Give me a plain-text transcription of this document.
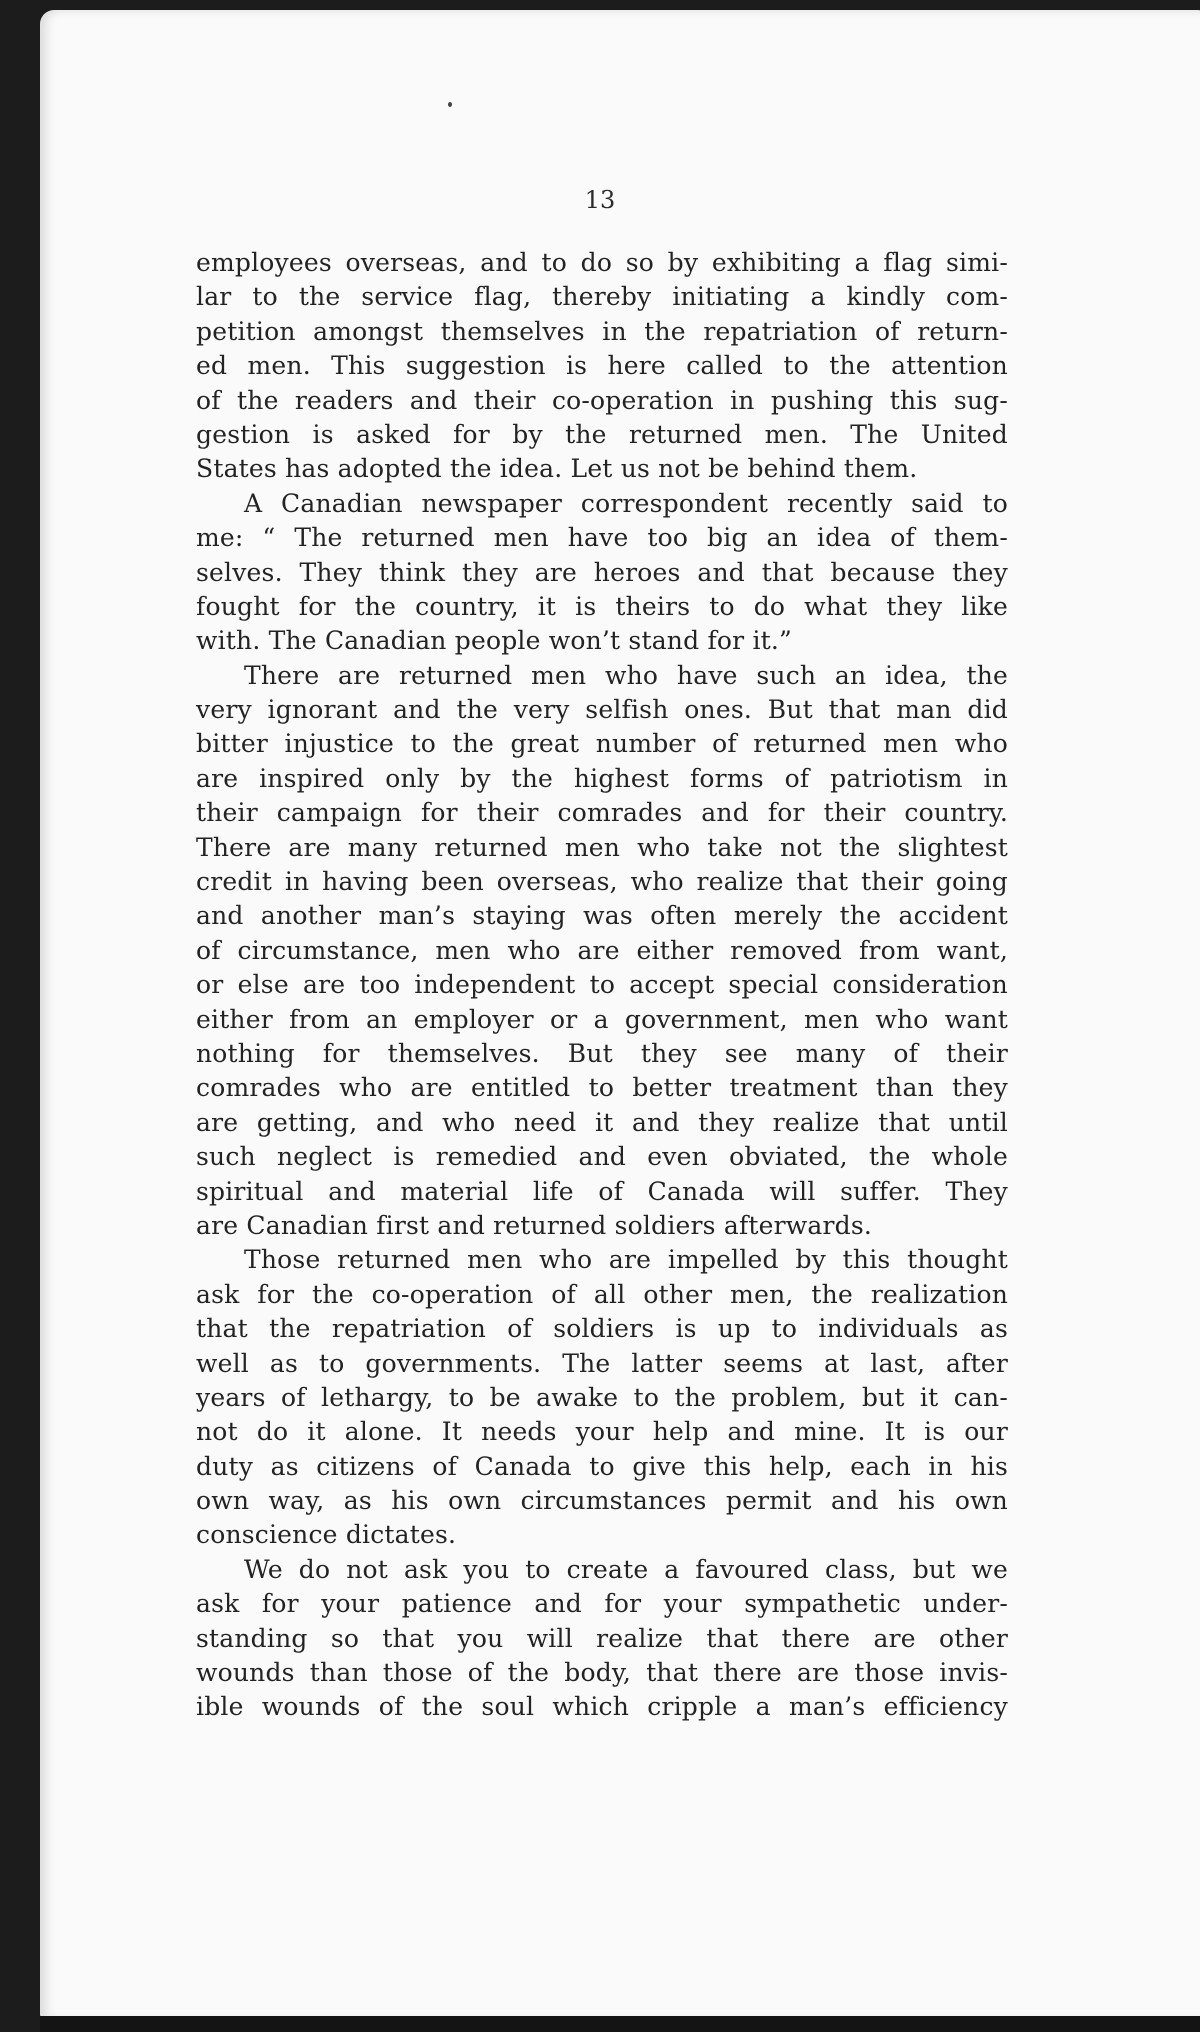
13
employees overseas, and to do so by exhibiting a flag simi-
lar to the service flag, thereby initiating a kindly com-
petition amongst themselves in the repatriation of return-
ed men. This suggestion is here called to the attention
of the readers and their co-operation in pushing this sug-
gestion is asked for by the returned men. The United
States has adopted the idea. Let us not be behind them.
A Canadian newspaper correspondent recently said to
me: “ The returned men have too big an idea of them-
selves. They think they are heroes and that because they
fought for the country, it is theirs to do what they like
with. The Canadian people won’t stand for it.”
There are returned men who have such an idea, the
very ignorant and the very selfish ones. But that man did
bitter injustice to the great number of returned men who
are inspired only by the highest forms of patriotism in
their campaign for their comrades and for their country.
There are many returned men who take not the slightest
credit in having been overseas, who realize that their going
and another man’s staying was often merely the accident
of circumstance, men who are either removed from want,
or else are too independent to accept special consideration
either from an employer or a government, men who want
nothing for themselves. But they see many of their
comrades who are entitled to better treatment than they
are getting, and who need it and they realize that until
such neglect is remedied and even obviated, the whole
spiritual and material life of Canada will suffer. They
are Canadian first and returned soldiers afterwards.
Those returned men who are impelled by this thought
ask for the co-operation of all other men, the realization
that the repatriation of soldiers is up to individuals as
well as to governments. The latter seems at last, after
years of lethargy, to be awake to the problem, but it can-
not do it alone. It needs your help and mine. It is our
duty as citizens of Canada to give this help, each in his
own way, as his own circumstances permit and his own
conscience dictates.
We do not ask you to create a favoured class, but we
ask for your patience and for your sympathetic under-
standing so that you will realize that there are other
wounds than those of the body, that there are those invis-
ible wounds of the soul which cripple a man’s efficiency
